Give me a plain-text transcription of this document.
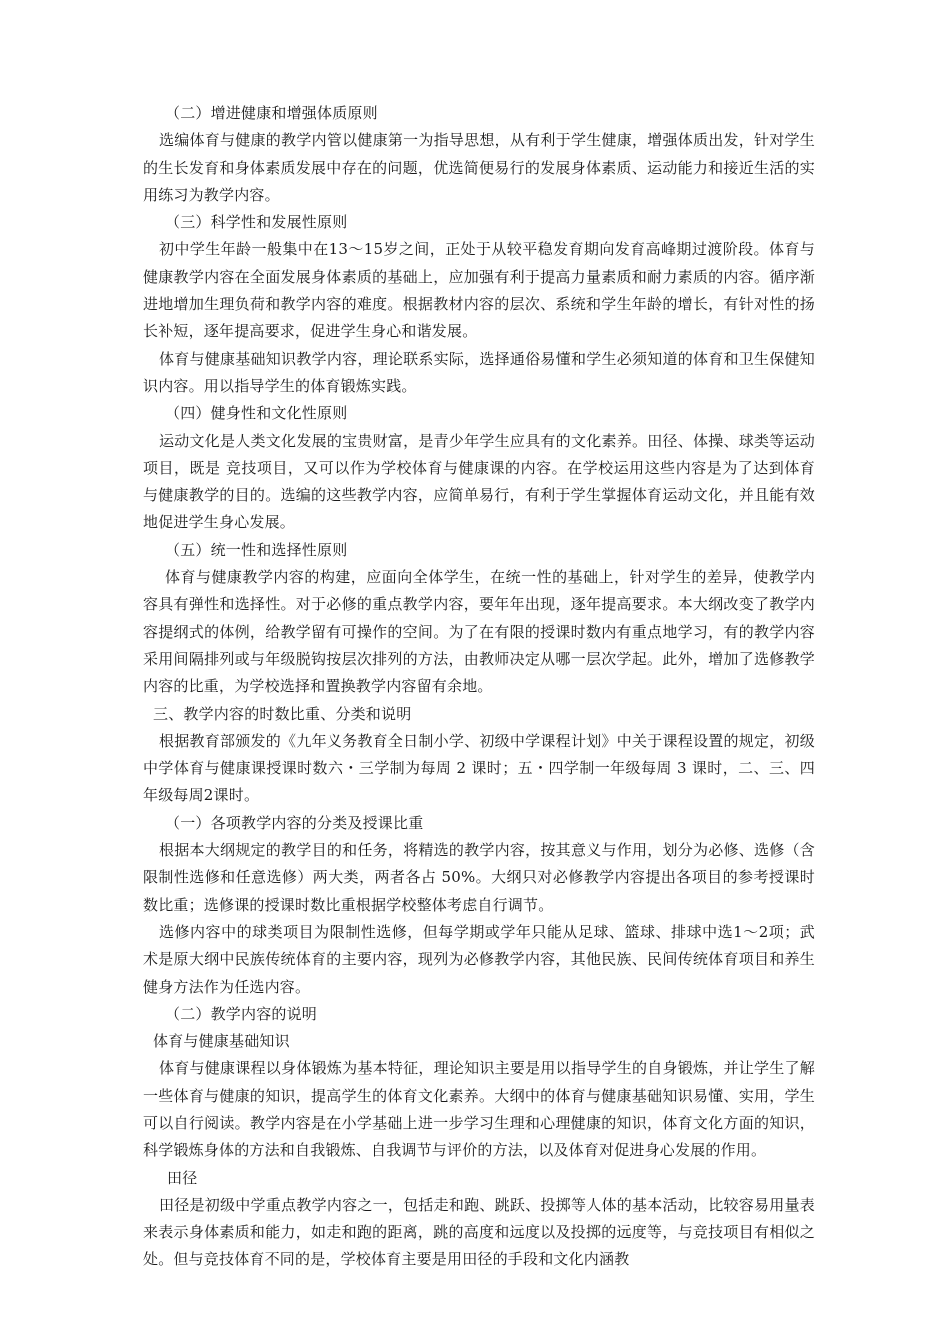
（二）增进健康和增强体质原则

选编体育与健康的教学内管以健康第一为指导思想，从有利于学生健康，增强体质出发，针对学生的生长发育和身体素质发展中存在的问题，优选简便易行的发展身体素质、运动能力和接近生活的实用练习为教学内容。

（三）科学性和发展性原则

初中学生年龄一般集中在13～15岁之间，正处于从较平稳发育期向发育高峰期过渡阶段。体育与健康教学内容在全面发展身体素质的基础上，应加强有利于提高力量素质和耐力素质的内容。循序渐进地增加生理负荷和教学内容的难度。根据教材内容的层次、系统和学生年龄的增长，有针对性的扬长补短，逐年提高要求，促进学生身心和谐发展。

体育与健康基础知识教学内容，理论联系实际，选择通俗易懂和学生必须知道的体育和卫生保健知识内容。用以指导学生的体育锻炼实践。

（四）健身性和文化性原则

运动文化是人类文化发展的宝贵财富，是青少年学生应具有的文化素养。田径、体操、球类等运动项目，既是 竞技项目，又可以作为学校体育与健康课的内容。在学校运用这些内容是为了达到体育与健康教学的目的。选编的这些教学内容，应简单易行，有利于学生掌握体育运动文化，并且能有效地促进学生身心发展。

（五）统一性和选择性原则

体育与健康教学内容的构建，应面向全体学生，在统一性的基础上，针对学生的差异，使教学内容具有弹性和选择性。对于必修的重点教学内容，要年年出现，逐年提高要求。本大纲改变了教学内容提纲式的体例，给教学留有可操作的空间。为了在有限的授课时数内有重点地学习，有的教学内容采用间隔排列或与年级脱钩按层次排列的方法，由教师决定从哪一层次学起。此外，增加了选修教学内容的比重，为学校选择和置换教学内容留有余地。

三、教学内容的时数比重、分类和说明

根据教育部颁发的《九年义务教育全日制小学、初级中学课程计划》中关于课程设置的规定，初级中学体育与健康课授课时数六・三学制为每周 2 课时；五・四学制一年级每周 3 课时，二、三、四年级每周2课时。

（一）各项教学内容的分类及授课比重

根据本大纲规定的教学目的和任务，将精选的教学内容，按其意义与作用，划分为必修、选修（含限制性选修和任意选修）两大类，两者各占 50%。大纲只对必修教学内容提出各项目的参考授课时数比重；选修课的授课时数比重根据学校整体考虑自行调节。

选修内容中的球类项目为限制性选修，但每学期或学年只能从足球、篮球、排球中选1～2项；武术是原大纲中民族传统体育的主要内容，现列为必修教学内容，其他民族、民间传统体育项目和养生健身方法作为任选内容。

（二）教学内容的说明

体育与健康基础知识

体育与健康课程以身体锻炼为基本特征，理论知识主要是用以指导学生的自身锻炼，并让学生了解一些体育与健康的知识，提高学生的体育文化素养。大纲中的体育与健康基础知识易懂、实用，学生可以自行阅读。教学内容是在小学基础上进一步学习生理和心理健康的知识，体育文化方面的知识，科学锻炼身体的方法和自我锻炼、自我调节与评价的方法，以及体育对促进身心发展的作用。

田径

田径是初级中学重点教学内容之一，包括走和跑、跳跃、投掷等人体的基本活动，比较容易用量表来表示身体素质和能力，如走和跑的距离，跳的高度和远度以及投掷的远度等，与竞技项目有相似之处。但与竞技体育不同的是，学校体育主要是用田径的手段和文化内涵教
